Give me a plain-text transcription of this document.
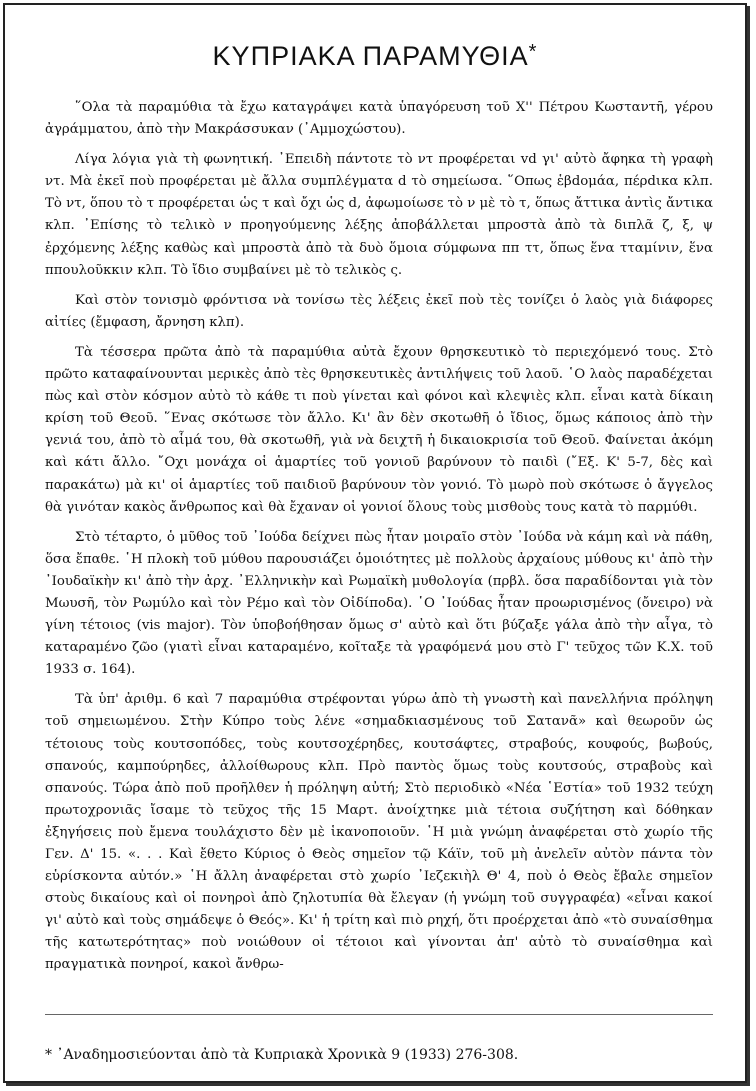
ΚΥΠΡΙΑΚΑ ΠΑΡΑΜΥΘΙΑ*

῞Ολα τὰ παραμύθια τὰ ἔχω καταγράψει κατὰ ὑπαγόρευση τοῦ Χ'' Πέτρου Κωσταντῆ, γέρου ἀγράμματου, ἀπὸ τὴν Μακράσσυκαν (᾿Αμμοχώστου).

Λίγα λόγια γιὰ τὴ φωνητική. ᾿Επειδὴ πάντοτε τὸ ντ προφέρεται vd γι' αὐτὸ ἄφηκα τὴ γραφὴ ντ. Μὰ ἐκεῖ ποὺ προφέρεται μὲ ἄλλα συμπλέγματα d τὸ σημείωσα. ῞Οπως ἑβdομάα, πέρdικα κλπ. Τὸ ντ, ὅπου τὸ τ προφέρεται ὡς τ καὶ ὄχι ὡς d, ἀφωμοίωσε τὸ ν μὲ τὸ τ, ὅπως ἄττικα ἀντὶς ἄντικα κλπ. ᾿Επίσης τὸ τελικὸ ν προηγούμενης λέξης ἀποβάλλεται μπροστὰ ἀπὸ τὰ διπλᾶ ζ, ξ, ψ ἐρχόμενης λέξης καθὼς καὶ μπροστὰ ἀπὸ τὰ δυὸ ὅμοια σύμφωνα ππ ττ, ὅπως ἕνα τταμίνιν, ἕνα ππουλοῦκκιν κλπ. Τὸ ἴδιο συμβαίνει μὲ τὸ τελικὸς ς.

Καὶ στὸν τονισμὸ φρόντισα νὰ τονίσω τὲς λέξεις ἐκεῖ ποὺ τὲς τονίζει ὁ λαὸς γιὰ διάφορες αἰτίες (ἔμφαση, ἄρνηση κλπ).

Τὰ τέσσερα πρῶτα ἀπὸ τὰ παραμύθια αὐτὰ ἔχουν θρησκευτικὸ τὸ περιεχόμενό τους. Στὸ πρῶτο καταφαίνουνται μερικὲς ἀπὸ τὲς θρησκευτικὲς ἀντιλήψεις τοῦ λαοῦ. ῾Ο λαὸς παραδέχεται πὼς καὶ στὸν κόσμον αὐτὸ τὸ κάθε τι ποὺ γίνεται καὶ φόνοι καὶ κλεψιὲς κλπ. εἶναι κατὰ δίκαιη κρίση τοῦ Θεοῦ. ῞Ενας σκότωσε τὸν ἄλλο. Κι' ἂν δὲν σκοτωθῆ ὁ ἴδιος, ὅμως κάποιος ἀπὸ τὴν γενιά του, ἀπὸ τὸ αἷμά του, θὰ σκοτωθῆ, γιὰ νὰ δειχτῆ ἡ δικαιοκρισία τοῦ Θεοῦ. Φαίνεται ἀκόμη καὶ κάτι ἄλλο. ῎Οχι μονάχα οἱ ἁμαρτίες τοῦ γονιοῦ βαρύνουν τὸ παιδὶ (῎Εξ. Κ' 5-7, δὲς καὶ παρακάτω) μὰ κι' οἱ ἁμαρτίες τοῦ παιδιοῦ βαρύνουν τὸν γονιό. Τὸ μωρὸ ποὺ σκότωσε ὁ ἄγγελος θὰ γινόταν κακὸς ἄνθρωπος καὶ θὰ ἔχαναν οἱ γονιοί ὅλους τοὺς μισθοὺς τους κατὰ τὸ παρμύθι.

Στὸ τέταρτο, ὁ μῦθος τοῦ ᾿Ιούδα δείχνει πὼς ἦταν μοιραῖο στὸν ᾿Ιούδα νὰ κάμη καὶ νὰ πάθη, ὅσα ἔπαθε. ῾Η πλοκὴ τοῦ μύθου παρουσιάζει ὁμοιότητες μὲ πολλοὺς ἀρχαίους μύθους κι' ἀπὸ τὴν ᾿Ιουδαϊκὴν κι' ἀπὸ τὴν ἀρχ. ᾿Ελληνικὴν καὶ Ρωμαϊκὴ μυθολογία (πρβλ. ὅσα παραδίδονται γιὰ τὸν Μωυσῆ, τὸν Ρωμύλο καὶ τὸν Ρέμο καὶ τὸν Οἰδίποδα). ῾Ο ᾿Ιούδας ἦταν προωρισμένος (ὄνειρο) νὰ γίνη τέτοιος (vis major). Τὸν ὑποβοήθησαν ὅμως σ' αὐτὸ καὶ ὅτι βύζαξε γάλα ἀπὸ τὴν αἶγα, τὸ καταραμένο ζῶο (γιατὶ εἶναι καταραμένο, κοῖταξε τὰ γραφόμενά μου στὸ Γ' τεῦχος τῶν Κ.Χ. τοῦ 1933 σ. 164).

Τὰ ὑπ' ἀριθμ. 6 καὶ 7 παραμύθια στρέφονται γύρω ἀπὸ τὴ γνωστὴ καὶ πανελλήνια πρόληψη τοῦ σημειωμένου. Στὴν Κύπρο τοὺς λένε «σημαδκιασμένους τοῦ Σατανᾶ» καὶ θεωροῦν ὡς τέτοιους τοὺς κουτσοπόδες, τοὺς κουτσοχέρηδες, κουτσάφτες, στραβούς, κουφούς, βωβούς, σπανούς, καμπούρηδες, ἀλλοίθωρους κλπ. Πρὸ παντὸς ὅμως τοὺς κουτσούς, στραβοὺς καὶ σπανούς. Τώρα ἀπὸ ποῦ προῆλθεν ἡ πρόληψη αὐτή; Στὸ περιοδικὸ «Νέα ῾Εστία» τοῦ 1932 τεύχη πρωτοχρονιᾶς ἴσαμε τὸ τεῦχος τῆς 15 Μαρτ. ἀνοίχτηκε μιὰ τέτοια συζήτηση καὶ δόθηκαν ἐξηγήσεις ποὺ ἔμενα τουλάχιστο δὲν μὲ ἱκανοποιοῦν. ῾Η μιὰ γνώμη ἀναφέρεται στὸ χωρίο τῆς Γεν. Δ' 15. «. . . Καὶ ἔθετο Κύριος ὁ Θεὸς σημεῖον τῷ Κάϊν, τοῦ μὴ ἀνελεῖν αὐτὸν πάντα τὸν εὑρίσκοντα αὐτόν.» ῾Η ἄλλη ἀναφέρεται στὸ χωρίο ᾿Ιεζεκιὴλ Θ' 4, ποὺ ὁ Θεὸς ἔβαλε σημεῖον στοὺς δικαίους καὶ οἱ πονηροὶ ἀπὸ ζηλοτυπία θὰ ἔλεγαν (ἡ γνώμη τοῦ συγγραφέα) «εἶναι κακοί γι' αὐτὸ καὶ τοὺς σημάδεψε ὁ Θεός». Κι' ἡ τρίτη καὶ πιὸ ρηχή, ὅτι προέρχεται ἀπὸ «τὸ συναίσθημα τῆς κατωτερότητας» ποὺ νοιώθουν οἱ τέτοιοι καὶ γίνονται ἀπ' αὐτὸ τὸ συναίσθημα καὶ πραγματικὰ πονηροί, κακοὶ ἄνθρω-

* ᾿Αναδημοσιεύονται ἀπὸ τὰ Κυπριακὰ Χρονικὰ 9 (1933) 276-308.
